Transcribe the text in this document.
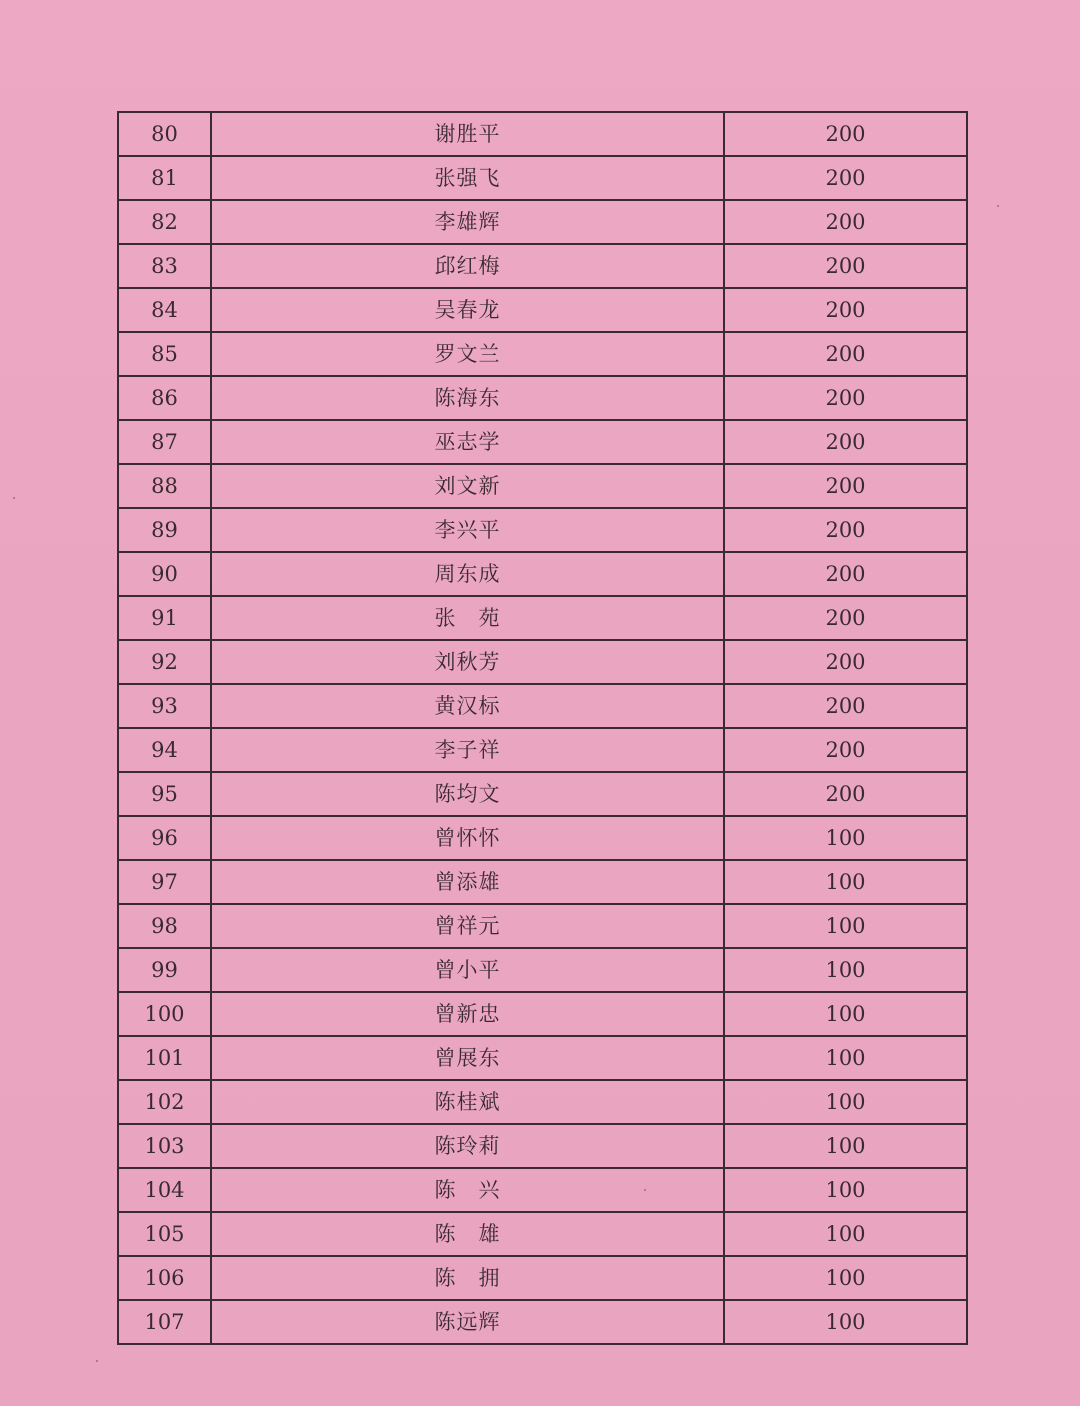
80	谢胜平	200
81	张强飞	200
82	李雄辉	200
83	邱红梅	200
84	吴春龙	200
85	罗文兰	200
86	陈海东	200
87	巫志学	200
88	刘文新	200
89	李兴平	200
90	周东成	200
91	张　苑	200
92	刘秋芳	200
93	黄汉标	200
94	李子祥	200
95	陈均文	200
96	曾怀怀	100
97	曾添雄	100
98	曾祥元	100
99	曾小平	100
100	曾新忠	100
101	曾展东	100
102	陈桂斌	100
103	陈玲莉	100
104	陈　兴	100
105	陈　雄	100
106	陈　拥	100
107	陈远辉	100
